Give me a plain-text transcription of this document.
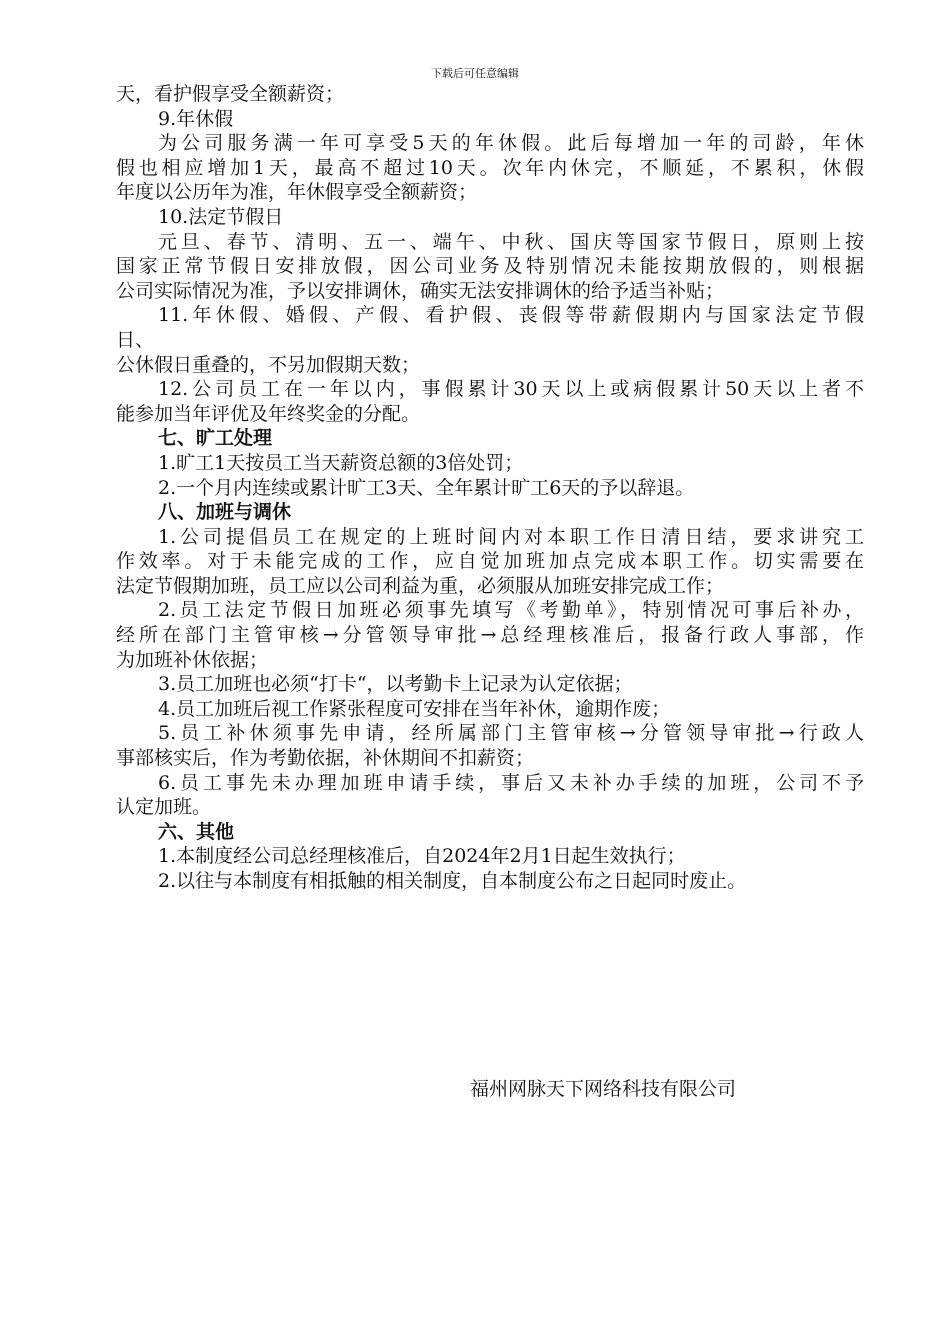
下载后可任意编辑
天，看护假享受全额薪资；
9.年休假
为公司服务满一年可享受5天的年休假。此后每增加一年的司龄，年休
假也相应增加1天，最高不超过10天。次年内休完，不顺延，不累积，休假
年度以公历年为准，年休假享受全额薪资；
10.法定节假日
元旦、春节、清明、五一、端午、中秋、国庆等国家节假日，原则上按
国家正常节假日安排放假，因公司业务及特别情况未能按期放假的，则根据
公司实际情况为准，予以安排调休，确实无法安排调休的给予适当补贴；
11.年休假、婚假、产假、看护假、丧假等带薪假期内与国家法定节假
日、
公休假日重叠的，不另加假期天数；
12.公司员工在一年以内，事假累计30天以上或病假累计50天以上者不
能参加当年评优及年终奖金的分配。
七、旷工处理
1.旷工1天按员工当天薪资总额的3倍处罚；
2.一个月内连续或累计旷工3天、全年累计旷工6天的予以辞退。
八、加班与调休
1.公司提倡员工在规定的上班时间内对本职工作日清日结，要求讲究工
作效率。对于未能完成的工作，应自觉加班加点完成本职工作。切实需要在
法定节假期加班，员工应以公司利益为重，必须服从加班安排完成工作；
2.员工法定节假日加班必须事先填写《考勤单》，特别情况可事后补办，
经所在部门主管审核→分管领导审批→总经理核准后，报备行政人事部，作
为加班补休依据；
3.员工加班也必须“打卡“，以考勤卡上记录为认定依据；
4.员工加班后视工作紧张程度可安排在当年补休，逾期作废；
5.员工补休须事先申请，经所属部门主管审核→分管领导审批→行政人
事部核实后，作为考勤依据，补休期间不扣薪资；
6.员工事先未办理加班申请手续，事后又未补办手续的加班，公司不予
认定加班。
六、其他
1.本制度经公司总经理核准后，自2024年2月1日起生效执行；
2.以往与本制度有相抵触的相关制度，自本制度公布之日起同时废止。
福州网脉天下网络科技有限公司
